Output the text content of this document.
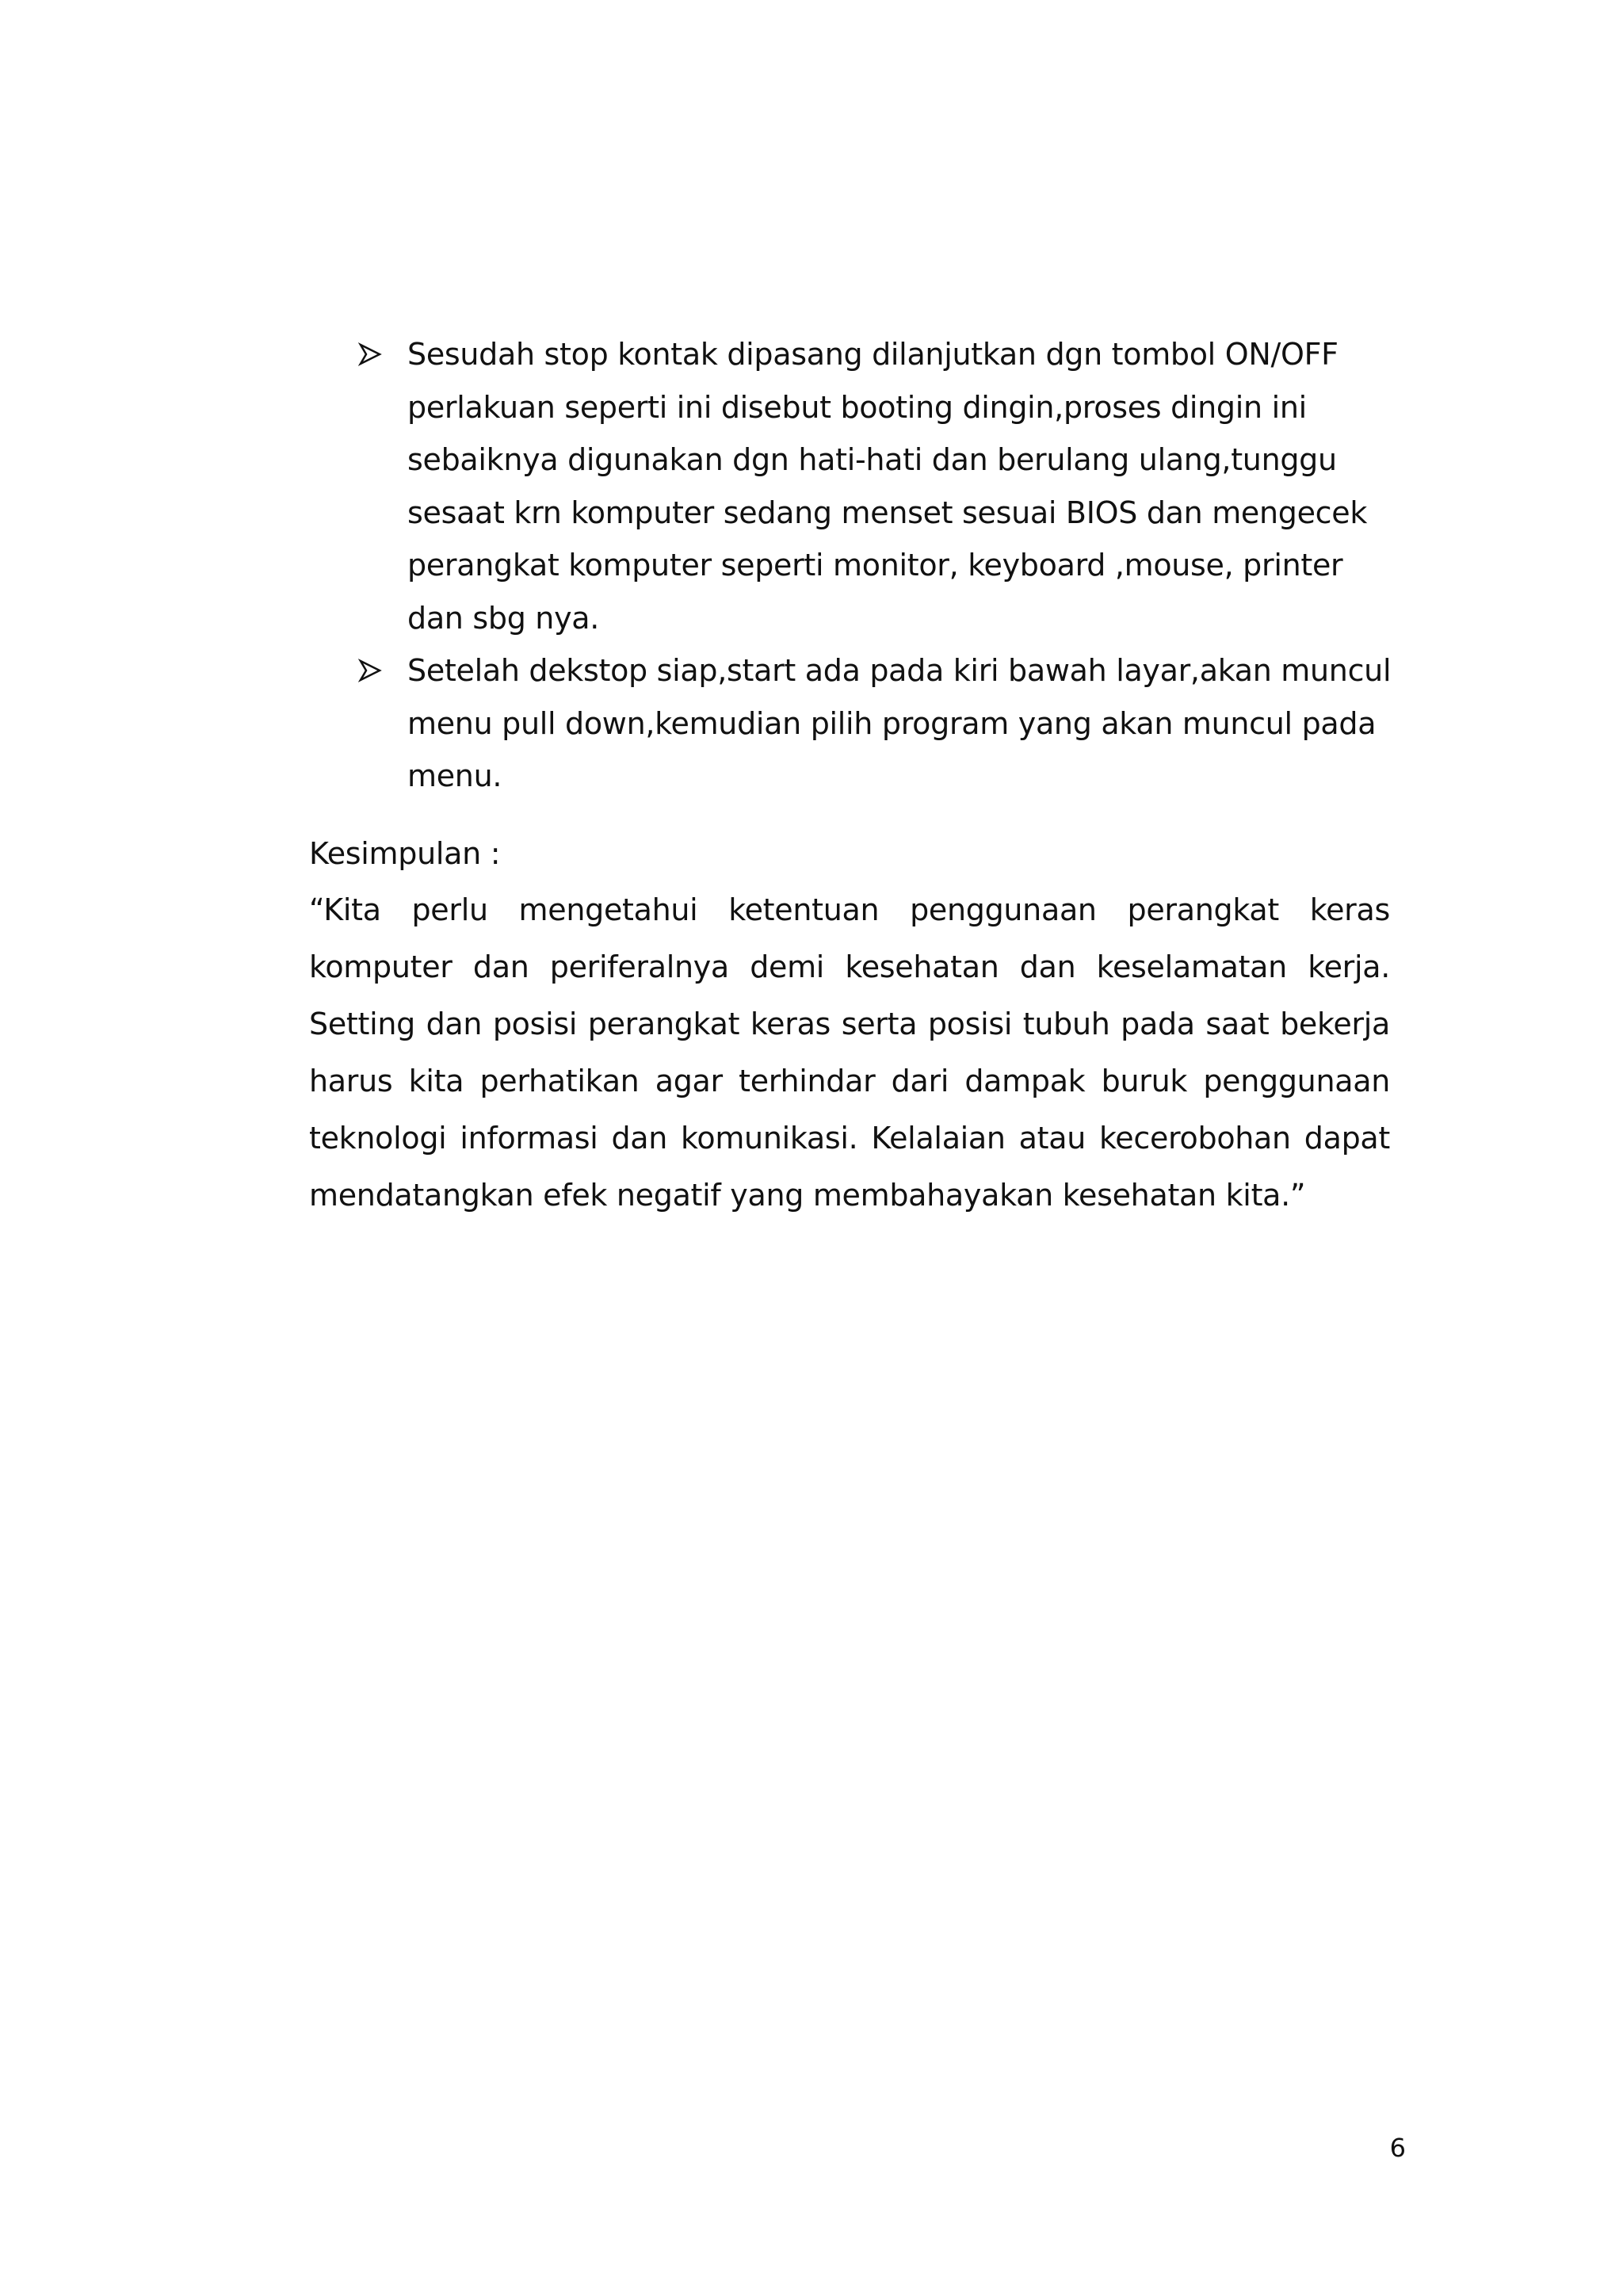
Sesudah stop kontak dipasang dilanjutkan dgn tombol ON/OFF perlakuan seperti ini disebut booting dingin,proses dingin ini sebaiknya digunakan dgn hati-hati dan berulang ulang,tunggu sesaat krn komputer sedang menset sesuai BIOS dan mengecek perangkat komputer seperti monitor, keyboard ,mouse, printer dan sbg nya.
Setelah dekstop siap,start ada pada kiri bawah layar,akan muncul menu pull down,kemudian pilih program yang akan muncul pada menu.
Kesimpulan :

“Kita perlu mengetahui ketentuan penggunaan perangkat keras komputer dan periferalnya demi kesehatan dan keselamatan kerja. Setting dan posisi perangkat keras serta posisi tubuh pada saat bekerja harus kita perhatikan agar terhindar dari dampak buruk penggunaan teknologi informasi dan komunikasi. Kelalaian atau kecerobohan dapat mendatangkan efek negatif yang membahayakan kesehatan kita.”

6
